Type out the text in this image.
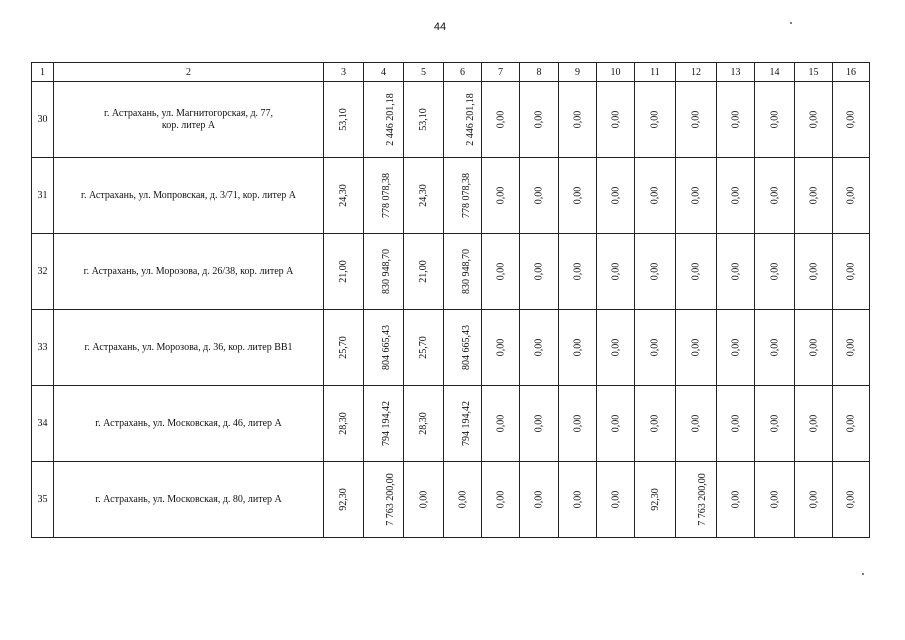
44
1	2	3	4	5	6	7	8	9	10	11	12	13	14	15	16
30	г. Астрахань, ул. Магнитогорская, д. 77,
кор. литер А	53,10	2 446 201,18	53,10	2 446 201,18	0,00	0,00	0,00	0,00	0,00	0,00	0,00	0,00	0,00	0,00
31	г. Астрахань, ул. Мопровская, д. 3/71, кор. литер А	24,30	778 078,38	24,30	778 078,38	0,00	0,00	0,00	0,00	0,00	0,00	0,00	0,00	0,00	0,00
32	г. Астрахань, ул. Морозова, д. 26/38, кор. литер А	21,00	830 948,70	21,00	830 948,70	0,00	0,00	0,00	0,00	0,00	0,00	0,00	0,00	0,00	0,00
33	г. Астрахань, ул. Морозова, д. 36, кор. литер ВВ1	25,70	804 665,43	25,70	804 665,43	0,00	0,00	0,00	0,00	0,00	0,00	0,00	0,00	0,00	0,00
34	г. Астрахань, ул. Московская, д. 46, литер А	28,30	794 194,42	28,30	794 194,42	0,00	0,00	0,00	0,00	0,00	0,00	0,00	0,00	0,00	0,00
35	г. Астрахань, ул. Московская, д. 80, литер А	92,30	7 763 200,00	0,00	0,00	0,00	0,00	0,00	0,00	92,30	7 763 200,00	0,00	0,00	0,00	0,00
